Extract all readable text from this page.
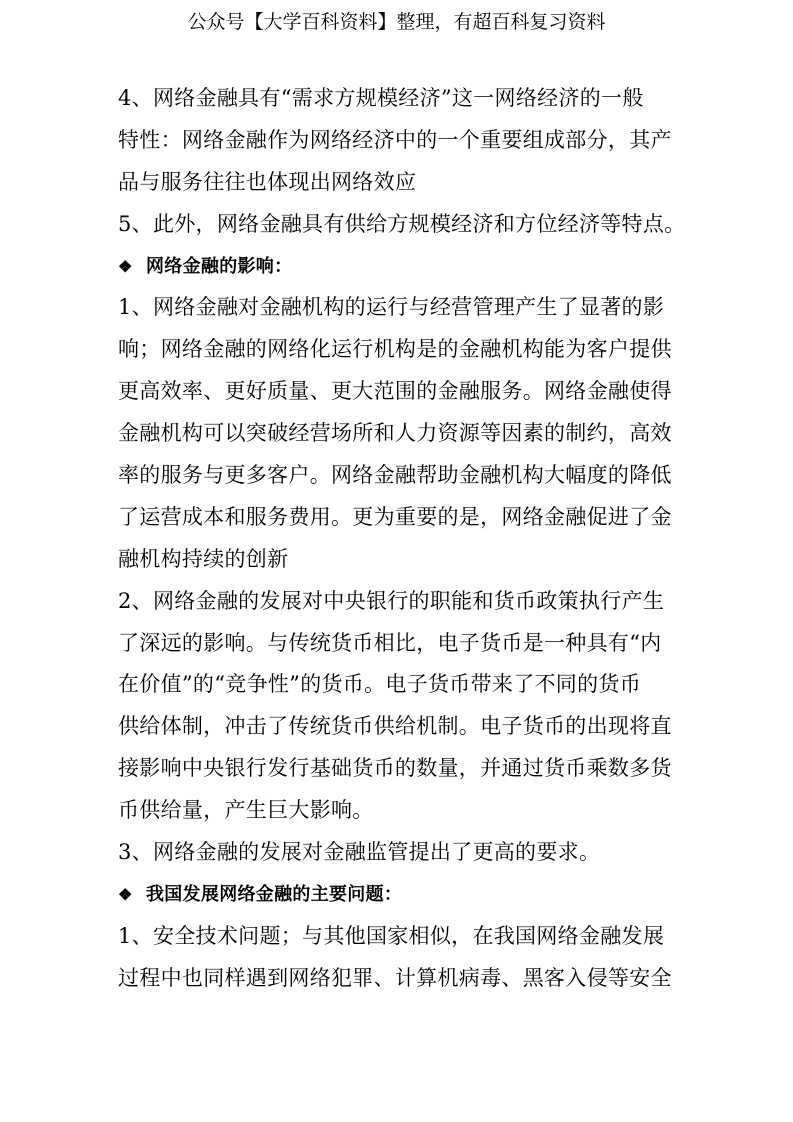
公众号【大学百科资料】整理，有超百科复习资料
4、网络金融具有“需求方规模经济”这一网络经济的一般
特性：网络金融作为网络经济中的一个重要组成部分，其产
品与服务往往也体现出网络效应
5、此外，网络金融具有供给方规模经济和方位经济等特点。
❖ 网络金融的影响：
1、网络金融对金融机构的运行与经营管理产生了显著的影
响；网络金融的网络化运行机构是的金融机构能为客户提供
更高效率、更好质量、更大范围的金融服务。网络金融使得
金融机构可以突破经营场所和人力资源等因素的制约，高效
率的服务与更多客户。网络金融帮助金融机构大幅度的降低
了运营成本和服务费用。更为重要的是，网络金融促进了金
融机构持续的创新
2、网络金融的发展对中央银行的职能和货币政策执行产生
了深远的影响。与传统货币相比，电子货币是一种具有“内
在价值”的“竞争性”的货币。电子货币带来了不同的货币
供给体制，冲击了传统货币供给机制。电子货币的出现将直
接影响中央银行发行基础货币的数量，并通过货币乘数多货
币供给量，产生巨大影响。
3、网络金融的发展对金融监管提出了更高的要求。
❖ 我国发展网络金融的主要问题：
1、安全技术问题；与其他国家相似，在我国网络金融发展
过程中也同样遇到网络犯罪、计算机病毒、黑客入侵等安全
